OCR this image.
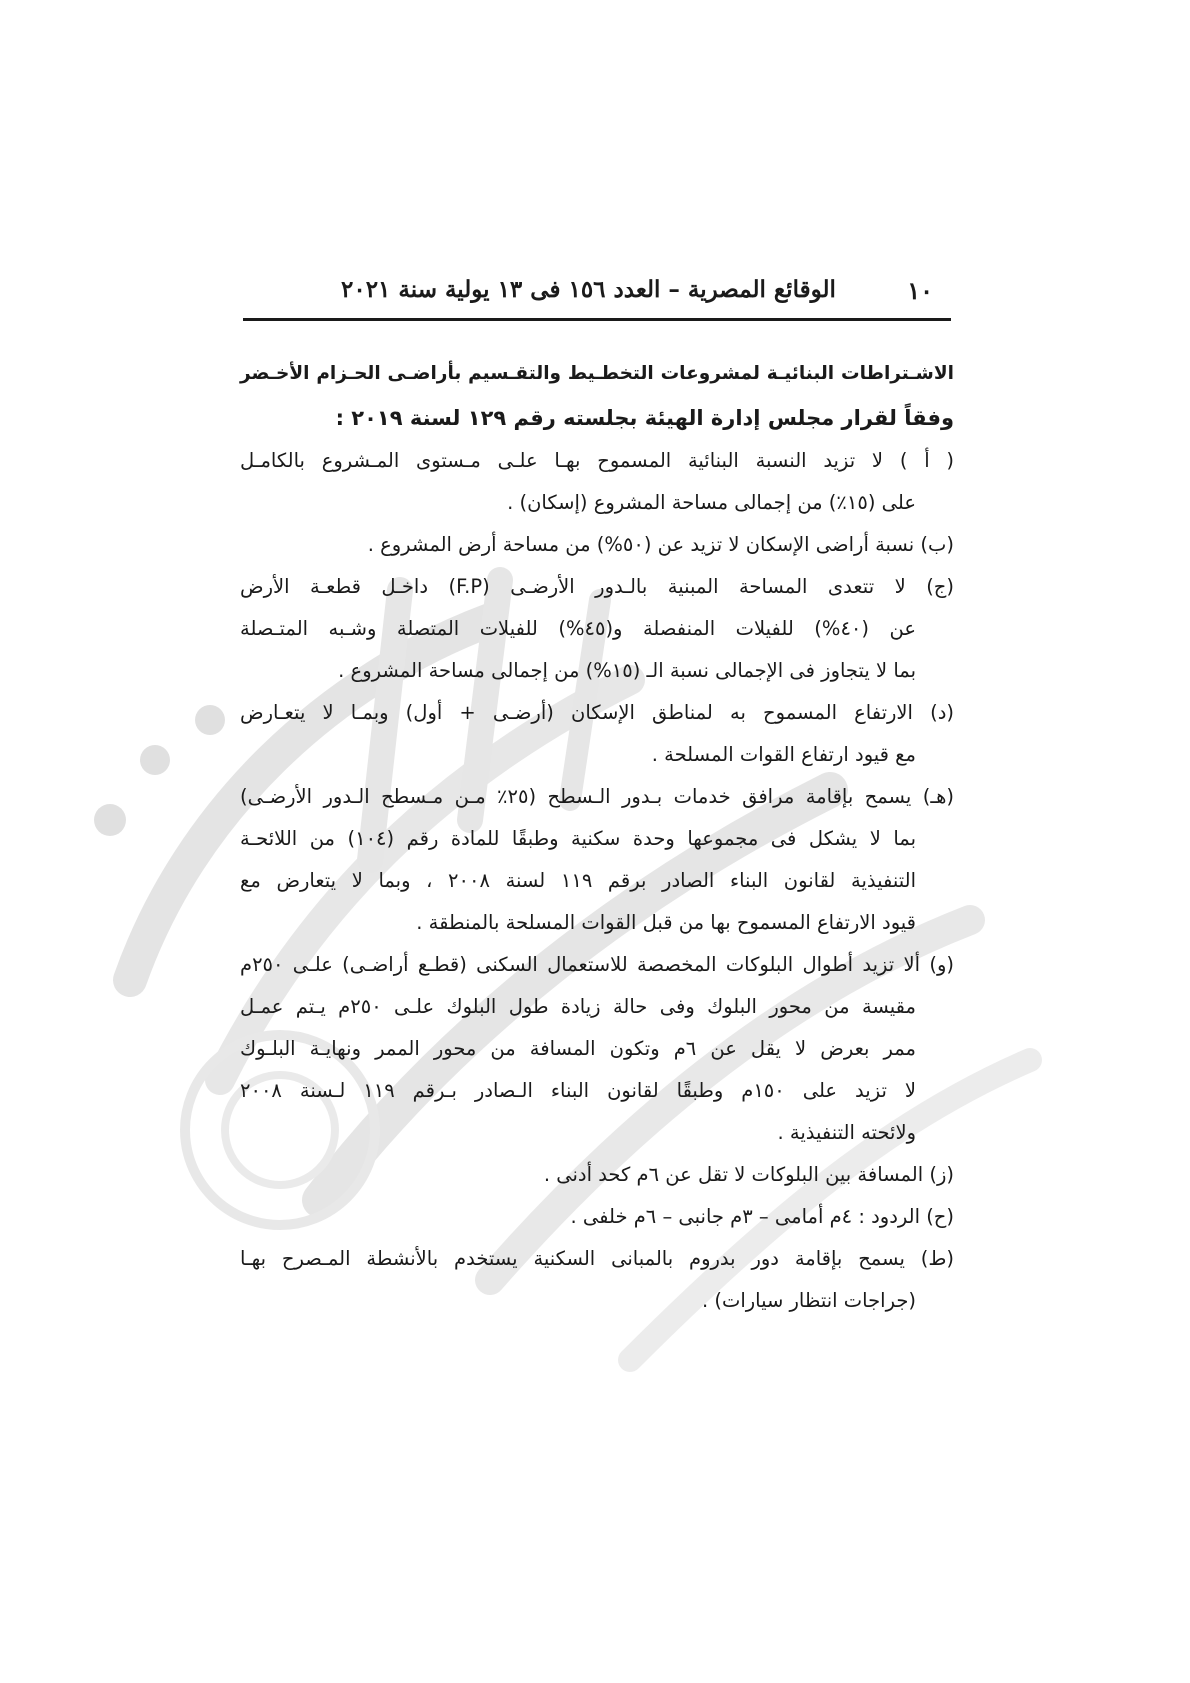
١٠
الوقائع المصرية – العدد ١٥٦ فى ١٣ يولية سنة ٢٠٢١
الاشـتراطات البنائيـة لمشروعات التخطـيط والتقـسيم بأراضـى الحـزام الأخـضر
وفقاً لقرار مجلس إدارة الهيئة بجلسته رقم ١٢٩ لسنة ٢٠١٩ :
( أ ) لا تزيد النسبة البنائية المسموح بهـا علـى مـستوى المـشروع بالكامـل
على (١٥٪) من إجمالى مساحة المشروع (إسكان) .
(ب) نسبة أراضى الإسكان لا تزيد عن (٥٠%) من مساحة أرض المشروع .
(ج) لا تتعدى المساحة المبنية بالـدور الأرضـى (F.P) داخـل قطعـة الأرض
عن (٤٠%) للفيلات المنفصلة و(٤٥%) للفيلات المتصلة وشـبه المتـصلة
بما لا يتجاوز فى الإجمالى نسبة الـ (١٥%) من إجمالى مساحة المشروع .
(د) الارتفاع المسموح به لمناطق الإسكان (أرضـى + أول) وبمـا لا يتعـارض
مع قيود ارتفاع القوات المسلحة .
(هـ) يسمح بإقامة مرافق خدمات بـدور الـسطح (٢٥٪ مـن مـسطح الـدور الأرضـى)
بما لا يشكل فى مجموعها وحدة سكنية وطبقًا للمادة رقم (١٠٤) من اللائحـة
التنفيذية لقانون البناء الصادر برقم ١١٩ لسنة ٢٠٠٨ ، وبما لا يتعارض مع
قيود الارتفاع المسموح بها من قبل القوات المسلحة بالمنطقة .
(و) ألا تزيد أطوال البلوكات المخصصة للاستعمال السكنى (قطـع أراضـى) علـى ٢٥٠م
مقيسة من محور البلوك وفى حالة زيادة طول البلوك علـى ٢٥٠م يـتم عمـل
ممر بعرض لا يقل عن ٦م وتكون المسافة من محور الممر ونهايـة البلـوك
لا تزيد على ١٥٠م وطبقًا لقانون البناء الـصادر بـرقم ١١٩ لـسنة ٢٠٠٨
ولائحته التنفيذية .
(ز) المسافة بين البلوكات لا تقل عن ٦م كحد أدنى .
(ح) الردود : ٤م أمامى – ٣م جانبى – ٦م خلفى .
(ط) يسمح بإقامة دور بدروم بالمبانى السكنية يستخدم بالأنشطة المـصرح بهـا
(جراجات انتظار سيارات) .
